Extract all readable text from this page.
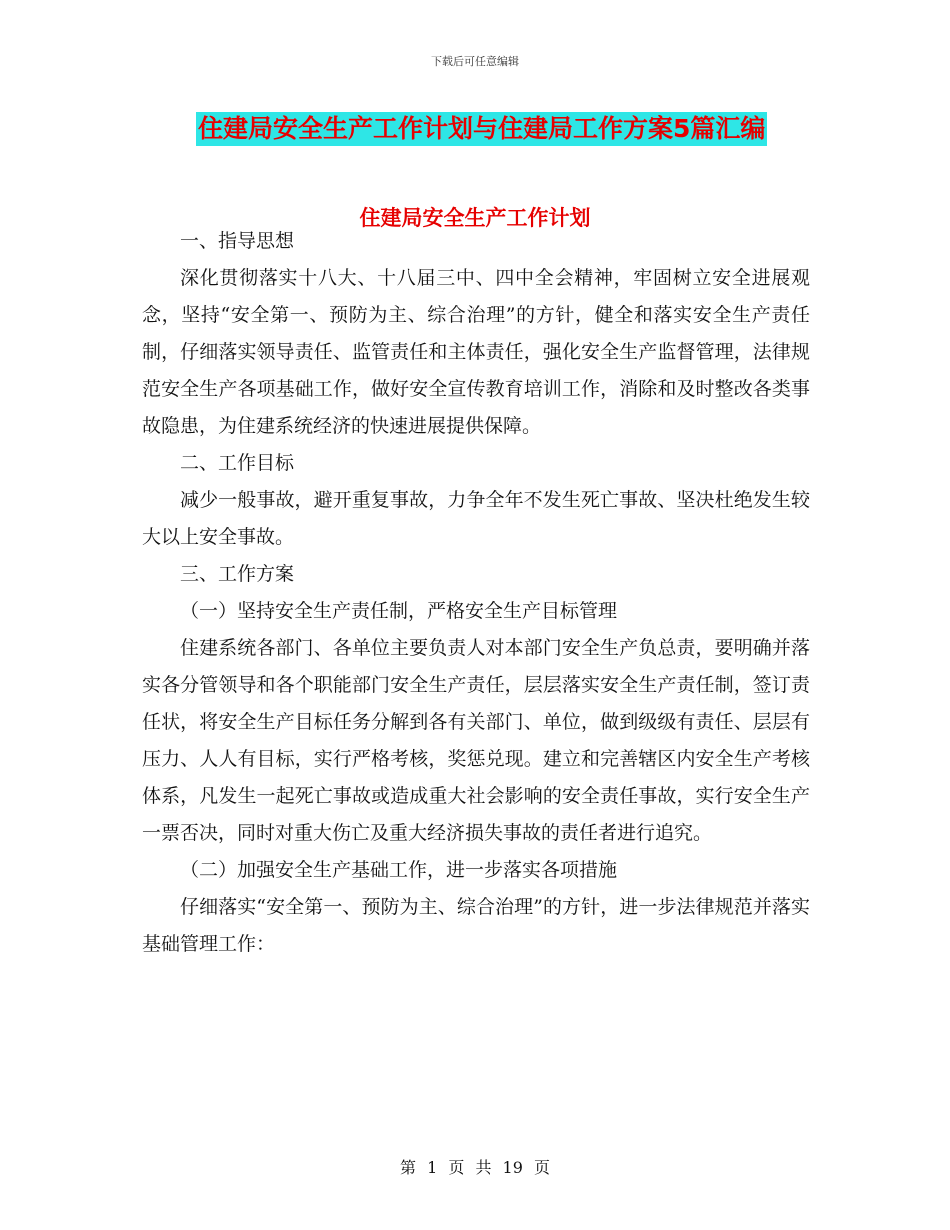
下载后可任意编辑
住建局安全生产工作计划与住建局工作方案5篇汇编
住建局安全生产工作计划

一、指导思想

深化贯彻落实十八大、十八届三中、四中全会精神，牢固树立安全进展观念，坚持“安全第一、预防为主、综合治理”的方针，健全和落实安全生产责任制，仔细落实领导责任、监管责任和主体责任，强化安全生产监督管理，法律规范安全生产各项基础工作，做好安全宣传教育培训工作，消除和及时整改各类事故隐患，为住建系统经济的快速进展提供保障。

二、工作目标

减少一般事故，避开重复事故，力争全年不发生死亡事故、坚决杜绝发生较大以上安全事故。

三、工作方案

（一）坚持安全生产责任制，严格安全生产目标管理

住建系统各部门、各单位主要负责人对本部门安全生产负总责，要明确并落实各分管领导和各个职能部门安全生产责任，层层落实安全生产责任制，签订责任状，将安全生产目标任务分解到各有关部门、单位，做到级级有责任、层层有压力、人人有目标，实行严格考核，奖惩兑现。建立和完善辖区内安全生产考核体系，凡发生一起死亡事故或造成重大社会影响的安全责任事故，实行安全生产一票否决，同时对重大伤亡及重大经济损失事故的责任者进行追究。

（二）加强安全生产基础工作，进一步落实各项措施

仔细落实“安全第一、预防为主、综合治理”的方针，进一步法律规范并落实基础管理工作：

第 1 页 共 19 页
